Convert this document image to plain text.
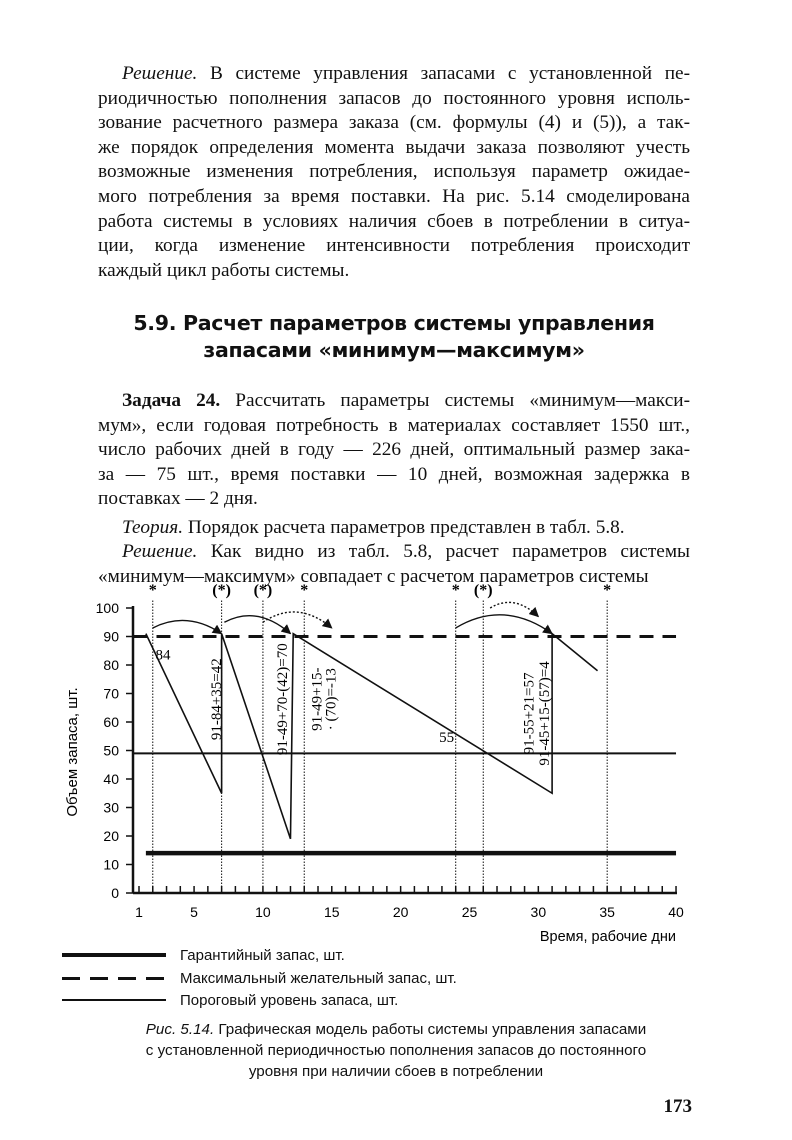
Решение. В системе управления запасами с установленной пе-
риодичностью пополнения запасов до постоянного уровня исполь-
зование расчетного размера заказа (см. формулы (4) и (5)), а так-
же порядок определения момента выдачи заказа позволяют учесть
возможные изменения потребления, используя параметр ожидае-
мого потребления за время поставки. На рис. 5.14 смоделирована
работа системы в условиях наличия сбоев в потреблении в ситуа-
ции, когда изменение интенсивности потребления происходит
каждый цикл работы системы.
5.9. Расчет параметров системы управления
запасами «минимум—максимум»
Задача 24. Рассчитать параметры системы «минимум—макси-
мум», если годовая потребность в материалах составляет 1550 шт.,
число рабочих дней в году — 226 дней, оптимальный размер зака-
за — 75 шт., время поставки — 10 дней, возможная задержка в
поставках — 2 дня.
Теория. Порядок расчета параметров представлен в табл. 5.8.
Решение. Как видно из табл. 5.8, расчет параметров системы
«минимум—максимум» совпадает с расчетом параметров системы
0
10
20
30
40
50
60
70
80
90
100
1	5	10	15	20	25	30	35	40
Время, рабочие дни
Объем запаса, шт.
*	(*) (*) *	* (*)	*
84
55
91-84+35=42	91-49+70-(42)=70 91-49+15-
· (70)=-13	91-55+21=57 91-45+15-(57)=4
Гарантийный запас, шт.
Максимальный желательный запас, шт.
Пороговый уровень запаса, шт.
Рис. 5.14. Графическая модель работы системы управления запасами
с установленной периодичностью пополнения запасов до постоянного
уровня при наличии сбоев в потреблении
173
